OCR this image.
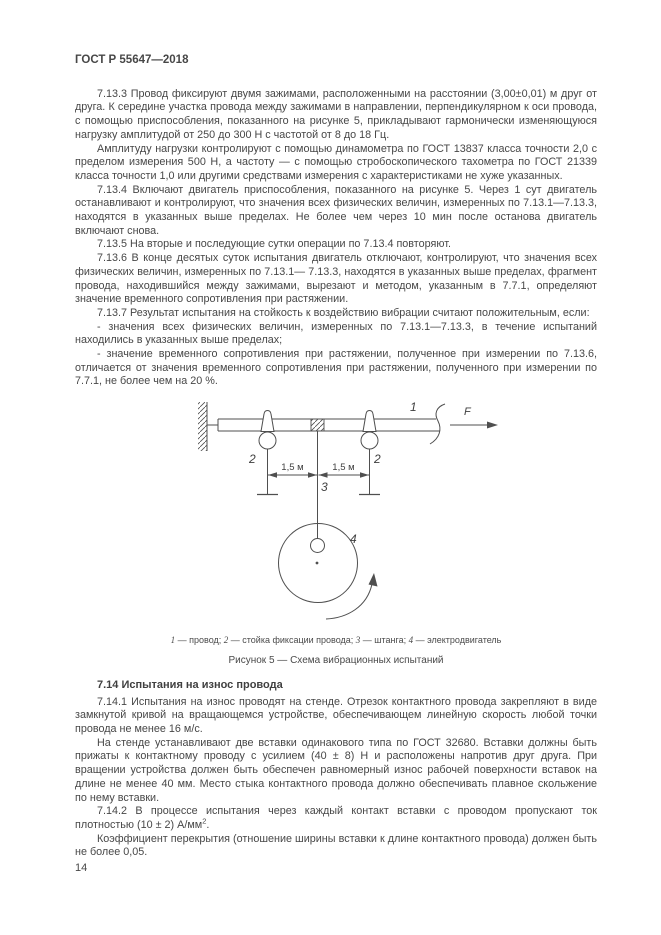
ГОСТ Р 55647—2018

7.13.3 Провод фиксируют двумя зажимами, расположенными на расстоянии (3,00±0,01) м друг от друга. К середине участка провода между зажимами в направлении, перпендикулярном к оси провода, с помощью приспособления, показанного на рисунке 5, прикладывают гармонически изменяющуюся нагрузку амплитудой от 250 до 300 Н с частотой от 8 до 18 Гц.

Амплитуду нагрузки контролируют с помощью динамометра по ГОСТ 13837 класса точности 2,0 с пределом измерения 500 Н, а частоту — с помощью стробоскопического тахометра по ГОСТ 21339 класса точности 1,0 или другими средствами измерения с характеристиками не хуже указанных.

7.13.4 Включают двигатель приспособления, показанного на рисунке 5. Через 1 сут двигатель останавливают и контролируют, что значения всех физических величин, измеренных по 7.13.1—7.13.3, находятся в указанных выше пределах. Не более чем через 10 мин после останова двигатель включают снова.

7.13.5 На вторые и последующие сутки операции по 7.13.4 повторяют.

7.13.6 В конце десятых суток испытания двигатель отключают, контролируют, что значения всех физических величин, измеренных по 7.13.1— 7.13.3, находятся в указанных выше пределах, фрагмент провода, находившийся между зажимами, вырезают и методом, указанным в 7.7.1, определяют значение временного сопротивления при растяжении.

7.13.7 Результат испытания на стойкость к воздействию вибрации считают положительным, если:

- значения всех физических величин, измеренных по 7.13.1—7.13.3, в течение испытаний находились в указанных выше пределах;

- значение временного сопротивления при растяжении, полученное при измерении по 7.13.6, отличается от значения временного сопротивления при растяжении, полученного при измерении по 7.7.1, не более чем на 20 %.

1	F
2	2
1,5 м	1,5 м
3
4
1 — провод; 2 — стойка фиксации провода; 3 — штанга; 4 — электродвигатель
Рисунок 5 — Схема вибрационных испытаний
7.14 Испытания на износ провода

7.14.1 Испытания на износ проводят на стенде. Отрезок контактного провода закрепляют в виде замкнутой кривой на вращающемся устройстве, обеспечивающем линейную скорость любой точки провода не менее 16 м/с.

На стенде устанавливают две вставки одинакового типа по ГОСТ 32680. Вставки должны быть прижаты к контактному проводу с усилием (40 ± 8) Н и расположены напротив друг друга. При вращении устройства должен быть обеспечен равномерный износ рабочей поверхности вставок на длине не менее 40 мм. Место стыка контактного провода должно обеспечивать плавное скольжение по нему вставки.

7.14.2 В процессе испытания через каждый контакт вставки с проводом пропускают ток плотностью (10 ± 2) $А/мм^2$.

Коэффициент перекрытия (отношение ширины вставки к длине контактного провода) должен быть не более 0,05.

14
